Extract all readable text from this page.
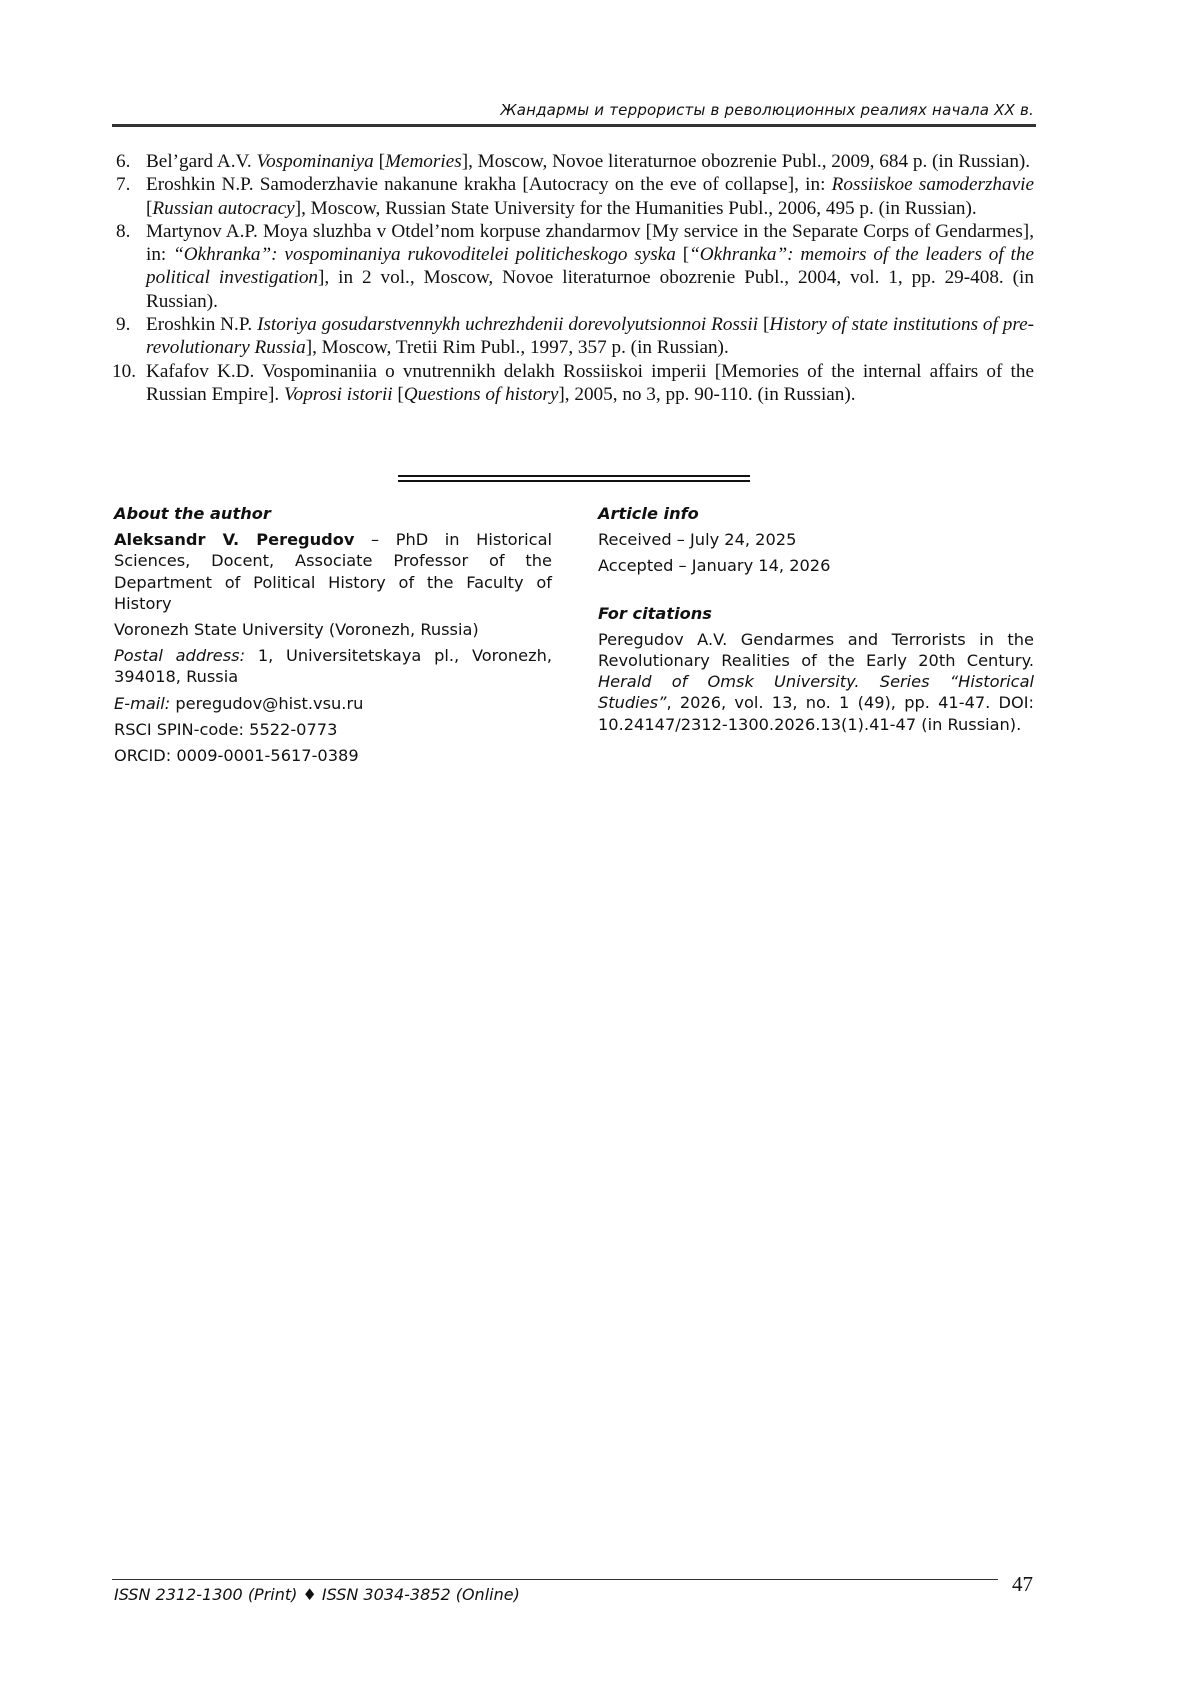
Жандармы и террористы в революционных реалиях начала XX в.
6. Bel’gard A.V. Vospominaniya [Memories], Moscow, Novoe literaturnoe obozrenie Publ., 2009, 684 p. (in Russian).
7. Eroshkin N.P. Samoderzhavie nakanune krakha [Autocracy on the eve of collapse], in: Rossiiskoe samoderzhavie [Russian autocracy], Moscow, Russian State University for the Humanities Publ., 2006, 495 p. (in Russian).
8. Martynov A.P. Moya sluzhba v Otdel’nom korpuse zhandarmov [My service in the Separate Corps of Gendarmes], in: “Okhranka”: vospominaniya rukovoditelei politicheskogo syska [“Okhranka”: memoirs of the leaders of the political investigation], in 2 vol., Moscow, Novoe literaturnoe obozrenie Publ., 2004, vol. 1, pp. 29-408. (in Russian).
9. Eroshkin N.P. Istoriya gosudarstvennykh uchrezhdenii dorevolyutsionnoi Rossii [History of state institutions of pre-revolutionary Russia], Moscow, Tretii Rim Publ., 1997, 357 p. (in Russian).
10. Kafafov K.D. Vospominaniia o vnutrennikh delakh Rossiiskoi imperii [Memories of the internal affairs of the Russian Empire]. Voprosi istorii [Questions of history], 2005, no 3, pp. 90-110. (in Russian).
About the author

Aleksandr V. Peregudov – PhD in Historical Sciences, Docent, Associate Professor of the Department of Political History of the Faculty of History

Voronezh State University (Voronezh, Russia)

Postal address: 1, Universitetskaya pl., Voronezh, 394018, Russia

E-mail: peregudov@hist.vsu.ru

RSCI SPIN-code: 5522-0773

ORCID: 0009-0001-5617-0389

Article info

Received – July 24, 2025

Accepted – January 14, 2026

For citations

Peregudov A.V. Gendarmes and Terrorists in the Revolutionary Realities of the Early 20th Century. Herald of Omsk University. Series “Historical Studies”, 2026, vol. 13, no. 1 (49), pp. 41-47. DOI: 10.24147/2312-1300.2026.13(1).41-47 (in Russian).

ISSN 2312-1300 (Print) ♦ ISSN 3034-3852 (Online)	47
